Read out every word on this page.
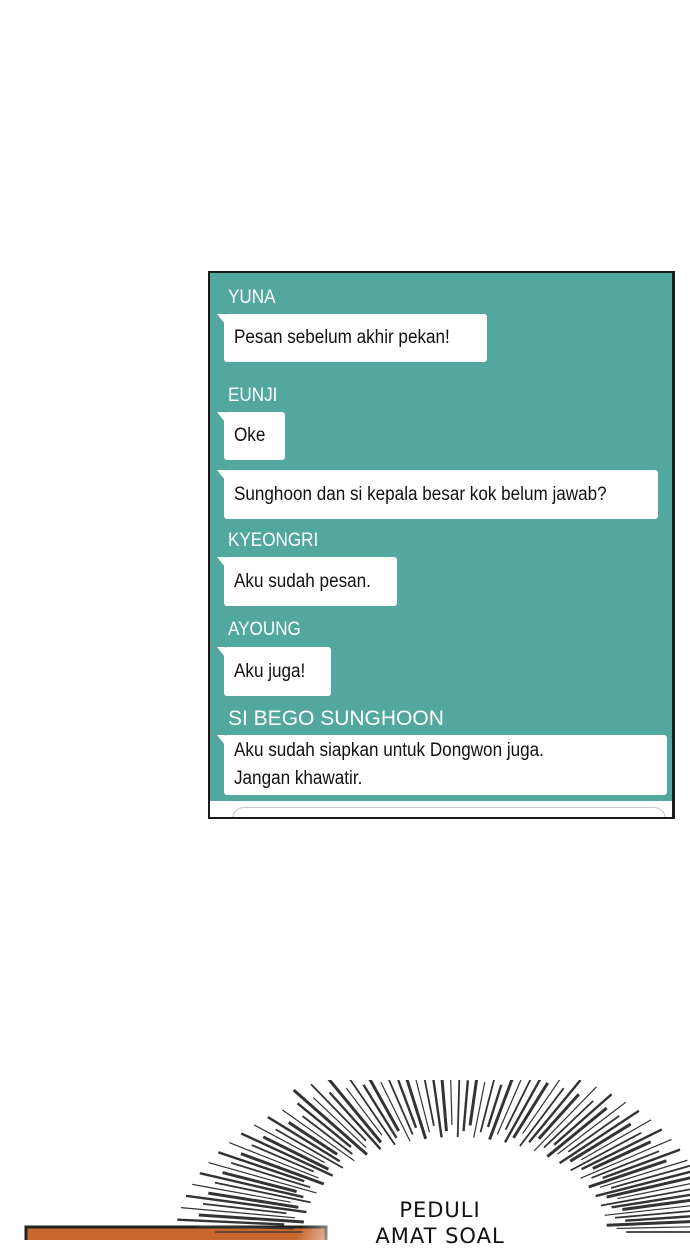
YUNA
Pesan sebelum akhir pekan!
EUNJI
Oke
Sunghoon dan si kepala besar kok belum jawab?
KYEONGRI
Aku sudah pesan.
AYOUNG
Aku juga!
SI BEGO SUNGHOON
Aku sudah siapkan untuk Dongwon juga.
Jangan khawatir.
PEDULI
AMAT SOAL
